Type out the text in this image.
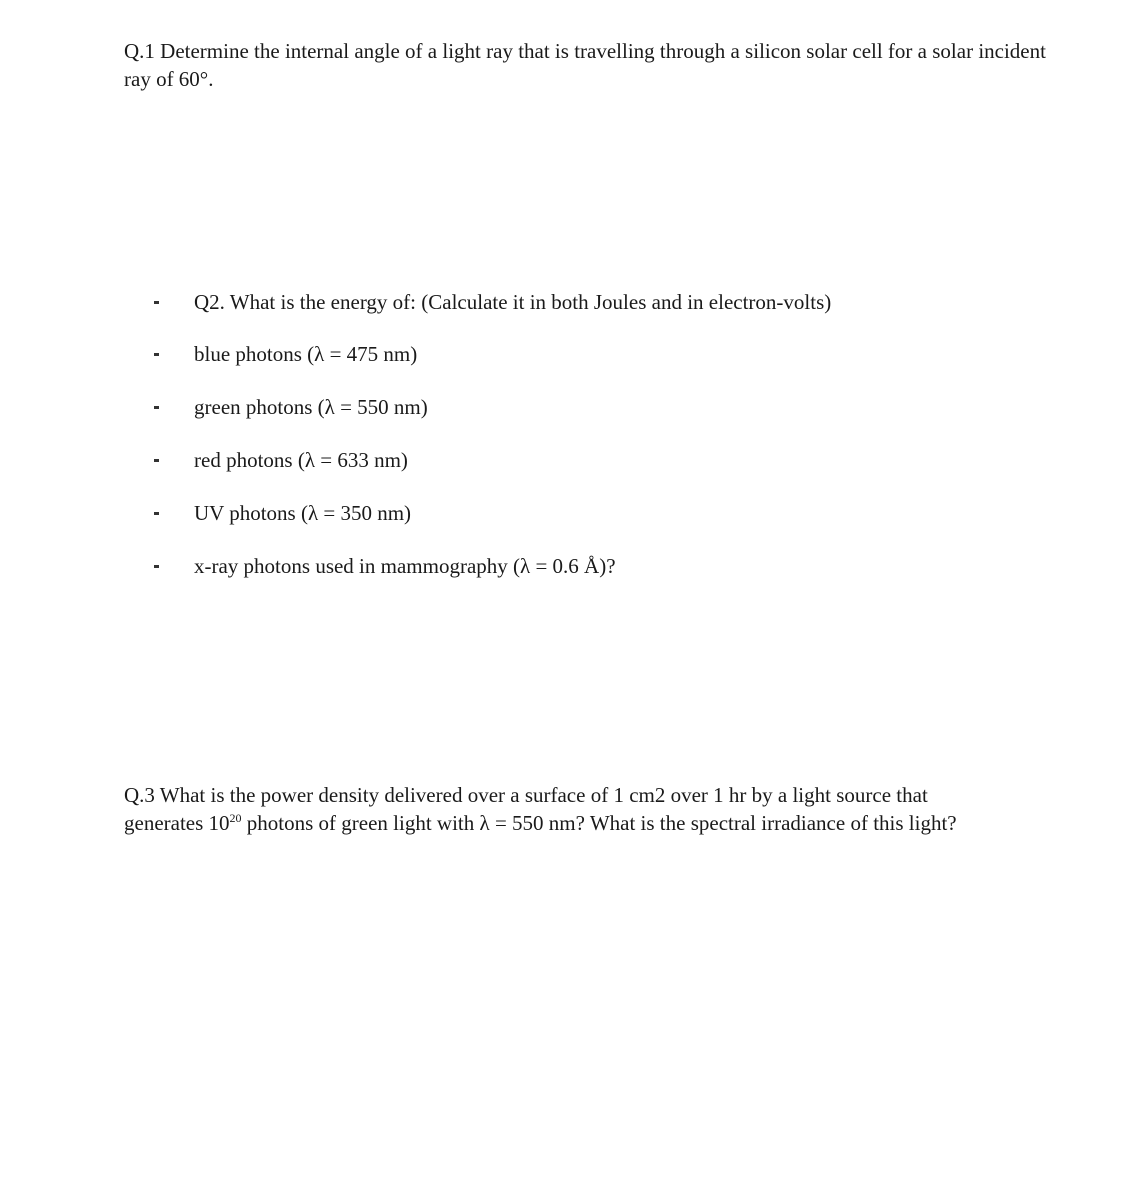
Q.1 Determine the internal angle of a light ray that is travelling through a silicon solar cell for a solar incident ray of 60°.

Q2. What is the energy of: (Calculate it in both Joules and in electron-volts)
blue photons (λ = 475 nm)
green photons (λ = 550 nm)
red photons (λ = 633 nm)
UV photons (λ = 350 nm)
x-ray photons used in mammography (λ = 0.6 Å)?

Q.3 What is the power density delivered over a surface of 1 cm2 over 1 hr by a light source that
generates $10^{20}$ photons of green light with λ = 550 nm? What is the spectral irradiance of this light?
